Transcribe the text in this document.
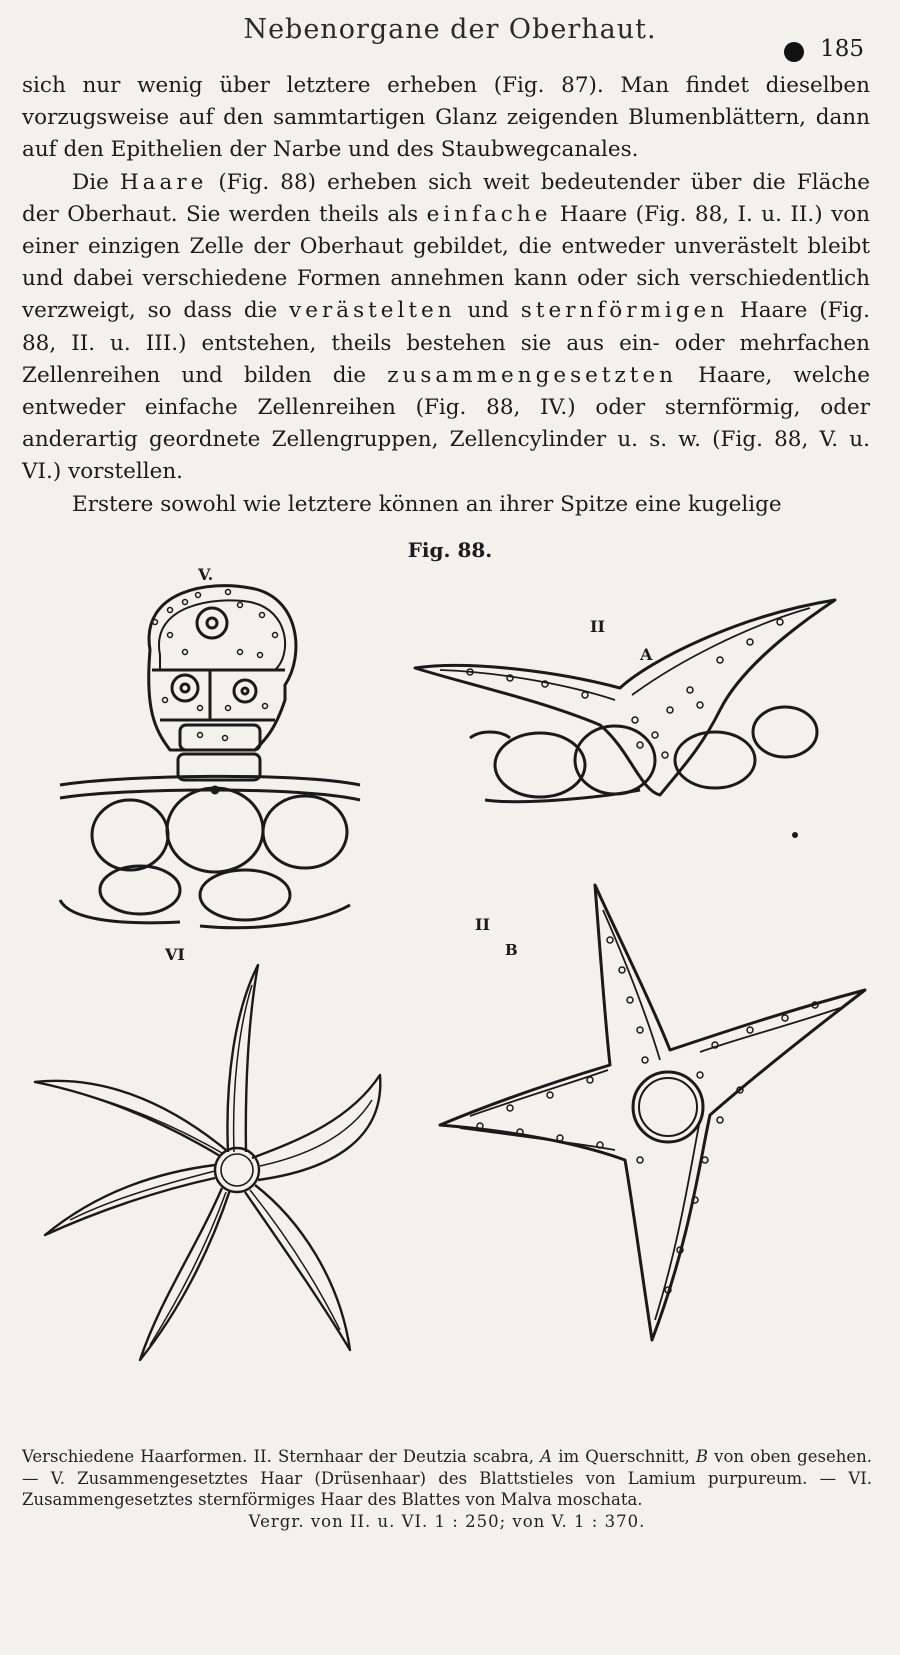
Nebenorgane der Oberhaut.
185

sich nur wenig über letztere erheben (Fig. 87). Man findet dieselben vorzugsweise auf den sammtartigen Glanz zeigenden Blumenblättern, dann auf den Epithelien der Narbe und des Staubwegcanales.

Die Haare (Fig. 88) erheben sich weit bedeutender über die Fläche der Oberhaut. Sie werden theils als einfache Haare (Fig. 88, I. u. II.) von einer einzigen Zelle der Oberhaut gebildet, die entweder unverästelt bleibt und dabei verschiedene Formen annehmen kann oder sich verschiedentlich verzweigt, so dass die verästelten und sternförmigen Haare (Fig. 88, II. u. III.) entstehen, theils bestehen sie aus ein- oder mehrfachen Zellenreihen und bilden die zusammengesetzten Haare, welche entweder einfache Zellenreihen (Fig. 88, IV.) oder sternförmig, oder anderartig geordnete Zellengruppen, Zellencylinder u. s. w. (Fig. 88, V. u. VI.) vorstellen.

Erstere sowohl wie letztere können an ihrer Spitze eine kugelige

Fig. 88.
V.
II
A
II
B
VI

Verschiedene Haarformen. II. Sternhaar der Deutzia scabra, A im Querschnitt, B von oben gesehen. — V. Zusammengesetztes Haar (Drüsenhaar) des Blattstieles von Lamium purpureum. — VI. Zusammengesetztes sternförmiges Haar des Blattes von Malva moschata.

Vergr. von II. u. VI. 1 : 250; von V. 1 : 370.
